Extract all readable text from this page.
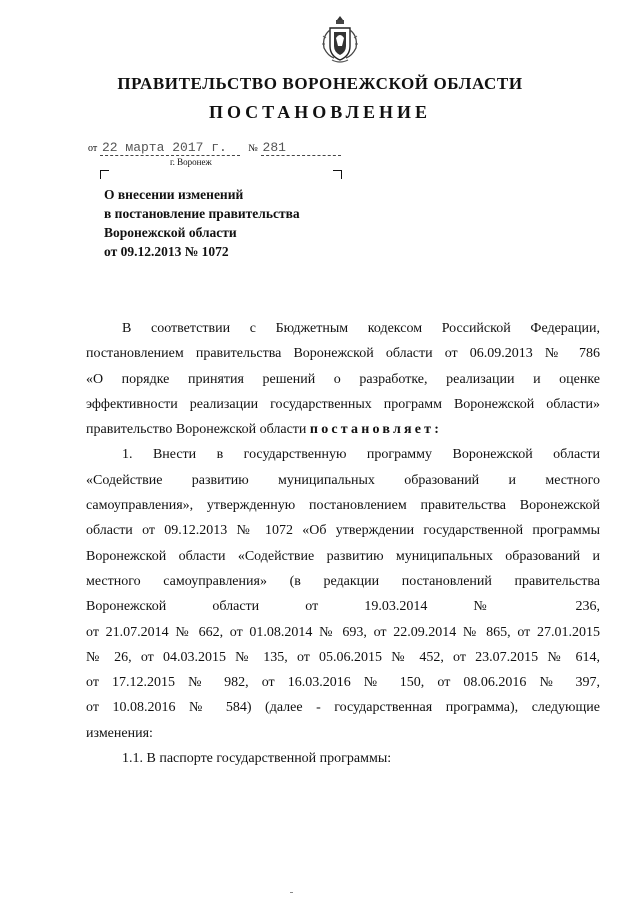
ПРАВИТЕЛЬСТВО ВОРОНЕЖСКОЙ ОБЛАСТИ
ПОСТАНОВЛЕНИЕ
от 22 марта 2017 г. № 281
г. Воронеж
О внесении изменений
в постановление правительства
Воронежской области
от 09.12.2013 № 1072
В соответствии с Бюджетным кодексом Российской Федерации,
постановлением правительства Воронежской области от 06.09.2013 № 786
«О порядке принятия решений о разработке, реализации и оценке
эффективности реализации государственных программ Воронежской области»
правительство Воронежской области постановляет:
1. Внести в государственную программу Воронежской области
«Содействие развитию муниципальных образований и местного
самоуправления», утвержденную постановлением правительства Воронежской
области от 09.12.2013 № 1072 «Об утверждении государственной программы
Воронежской области «Содействие развитию муниципальных образований и
местного самоуправления» (в редакции постановлений правительства
Воронежской области от 19.03.2014 № 236,
от 21.07.2014 № 662, от 01.08.2014 № 693, от 22.09.2014 № 865, от 27.01.2015
№ 26, от 04.03.2015 № 135, от 05.06.2015 № 452, от 23.07.2015 № 614,
от 17.12.2015 № 982, от 16.03.2016 № 150, от 08.06.2016 № 397,
от 10.08.2016 № 584) (далее - государственная программа), следующие
изменения:
1.1. В паспорте государственной программы:
